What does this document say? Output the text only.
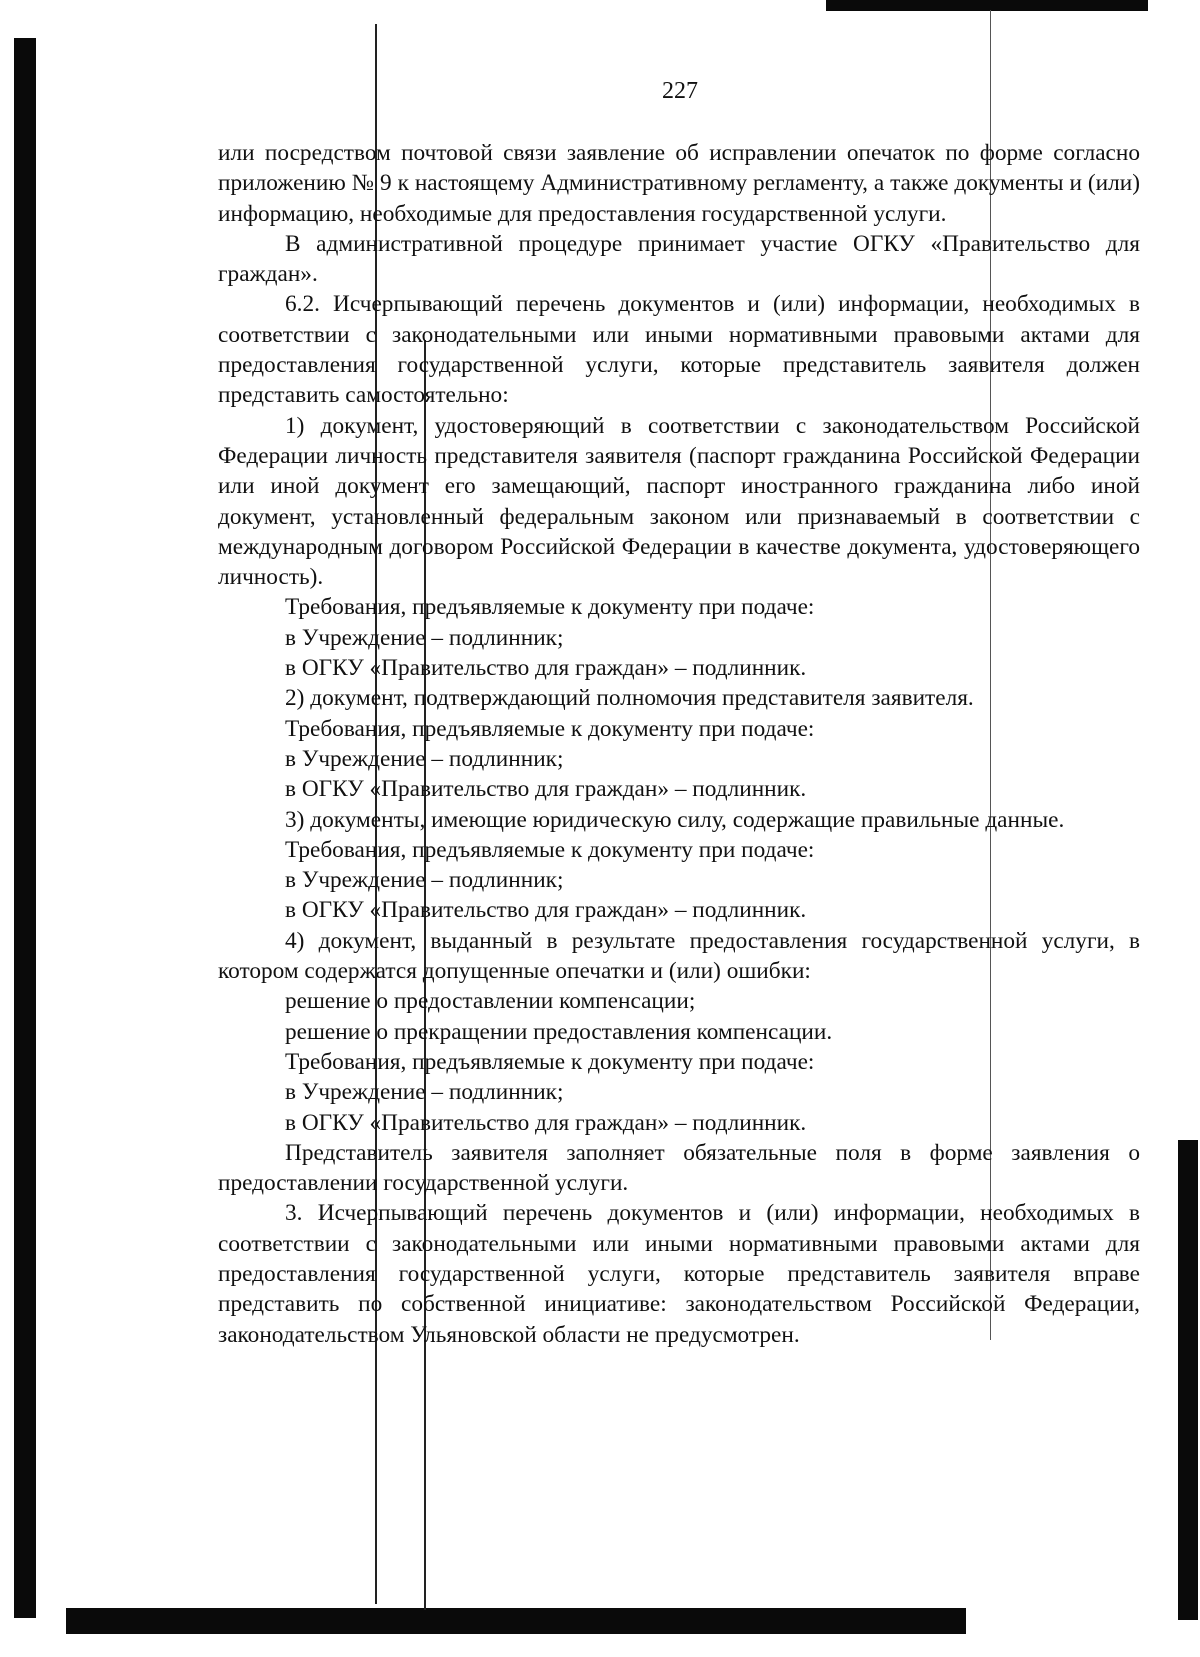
227

или посредством почтовой связи заявление об исправлении опечаток по форме согласно приложению № 9 к настоящему Административному регламенту, а также документы и (или) информацию, необходимые для предоставления государственной услуги.

В административной процедуре принимает участие ОГКУ «Правительство для граждан».

6.2. Исчерпывающий перечень документов и (или) информации, необходимых в соответствии с законодательными или иными нормативными правовыми актами для предоставления государственной услуги, которые представитель заявителя должен представить самостоятельно:

1) документ, удостоверяющий в соответствии с законодательством Российской Федерации личность представителя заявителя (паспорт гражданина Российской Федерации или иной документ его замещающий, паспорт иностранного гражданина либо иной документ, установленный федеральным законом или признаваемый в соответствии с международным договором Российской Федерации в качестве документа, удостоверяющего личность).

Требования, предъявляемые к документу при подаче:

в Учреждение – подлинник;

в ОГКУ «Правительство для граждан» – подлинник.

2) документ, подтверждающий полномочия представителя заявителя.

Требования, предъявляемые к документу при подаче:

в Учреждение – подлинник;

в ОГКУ «Правительство для граждан» – подлинник.

3) документы, имеющие юридическую силу, содержащие правильные данные.

Требования, предъявляемые к документу при подаче:

в Учреждение – подлинник;

в ОГКУ «Правительство для граждан» – подлинник.

4) документ, выданный в результате предоставления государственной услуги, в котором содержатся допущенные опечатки и (или) ошибки:

решение о предоставлении компенсации;

решение о прекращении предоставления компенсации.

Требования, предъявляемые к документу при подаче:

в Учреждение – подлинник;

в ОГКУ «Правительство для граждан» – подлинник.

Представитель заявителя заполняет обязательные поля в форме заявления о предоставлении государственной услуги.

3. Исчерпывающий перечень документов и (или) информации, необходимых в соответствии с законодательными или иными нормативными правовыми актами для предоставления государственной услуги, которые представитель заявителя вправе представить по собственной инициативе: законодательством Российской Федерации, законодательством Ульяновской области не предусмотрен.
